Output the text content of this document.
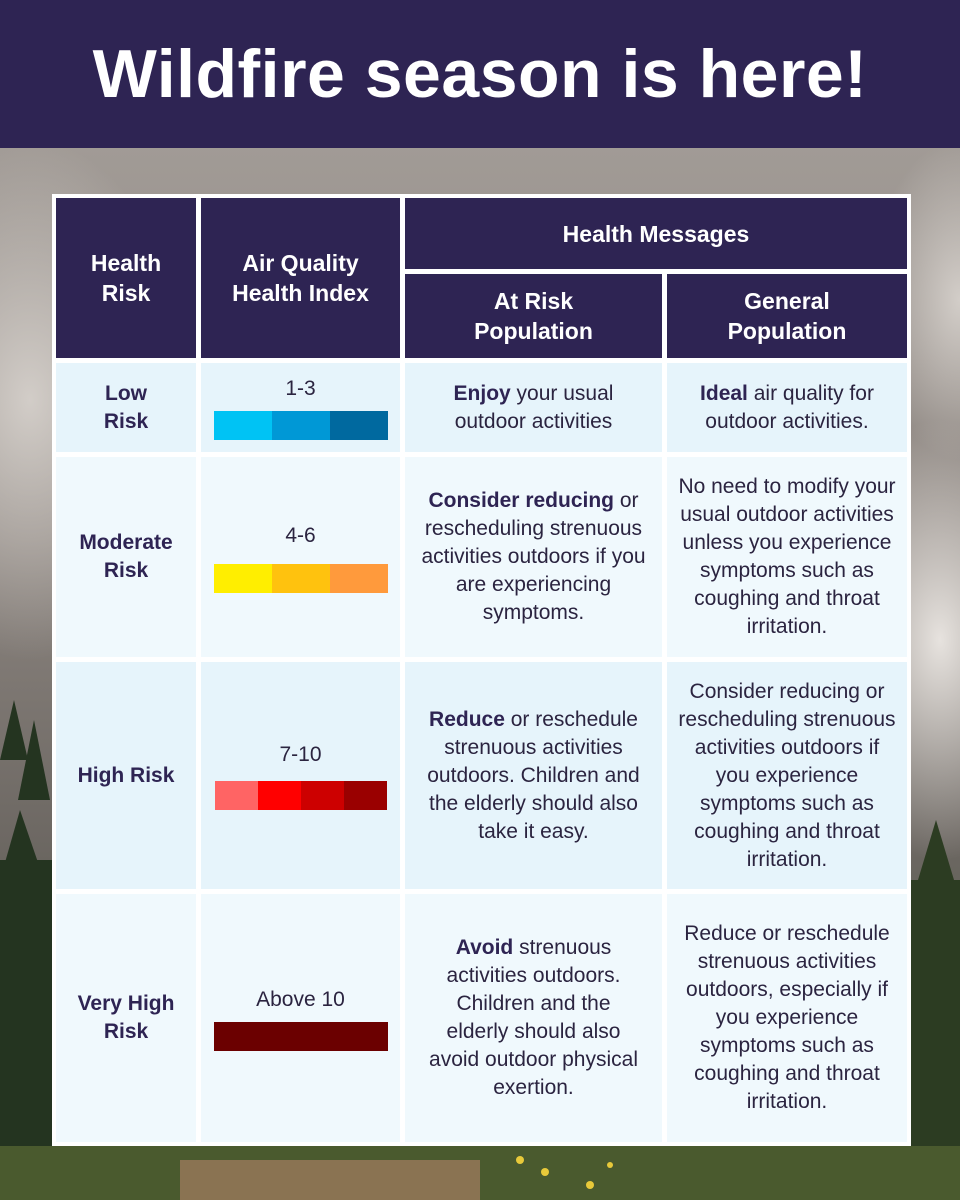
Wildfire season is here!
Health Risk
Air Quality Health Index
Health Messages
At Risk Population
General Population
Low Risk
1-3	Enjoy your usual outdoor activities
Ideal air quality for outdoor activities.
Moderate Risk
4-6
Consider reducing or rescheduling strenuous activities outdoors if you are experiencing symptoms.
No need to modify your usual outdoor activities unless you experience symptoms such as coughing and throat irritation.
High Risk
7-10
Reduce or reschedule strenuous activities outdoors. Children and the elderly should also take it easy.
Consider reducing or rescheduling strenuous activities outdoors if you experience symptoms such as coughing and throat irritation.
Very High Risk
Above 10
Avoid strenuous activities outdoors. Children and the elderly should also avoid outdoor physical exertion.
Reduce or reschedule strenuous activities outdoors, especially if you experience symptoms such as coughing and throat irritation.
